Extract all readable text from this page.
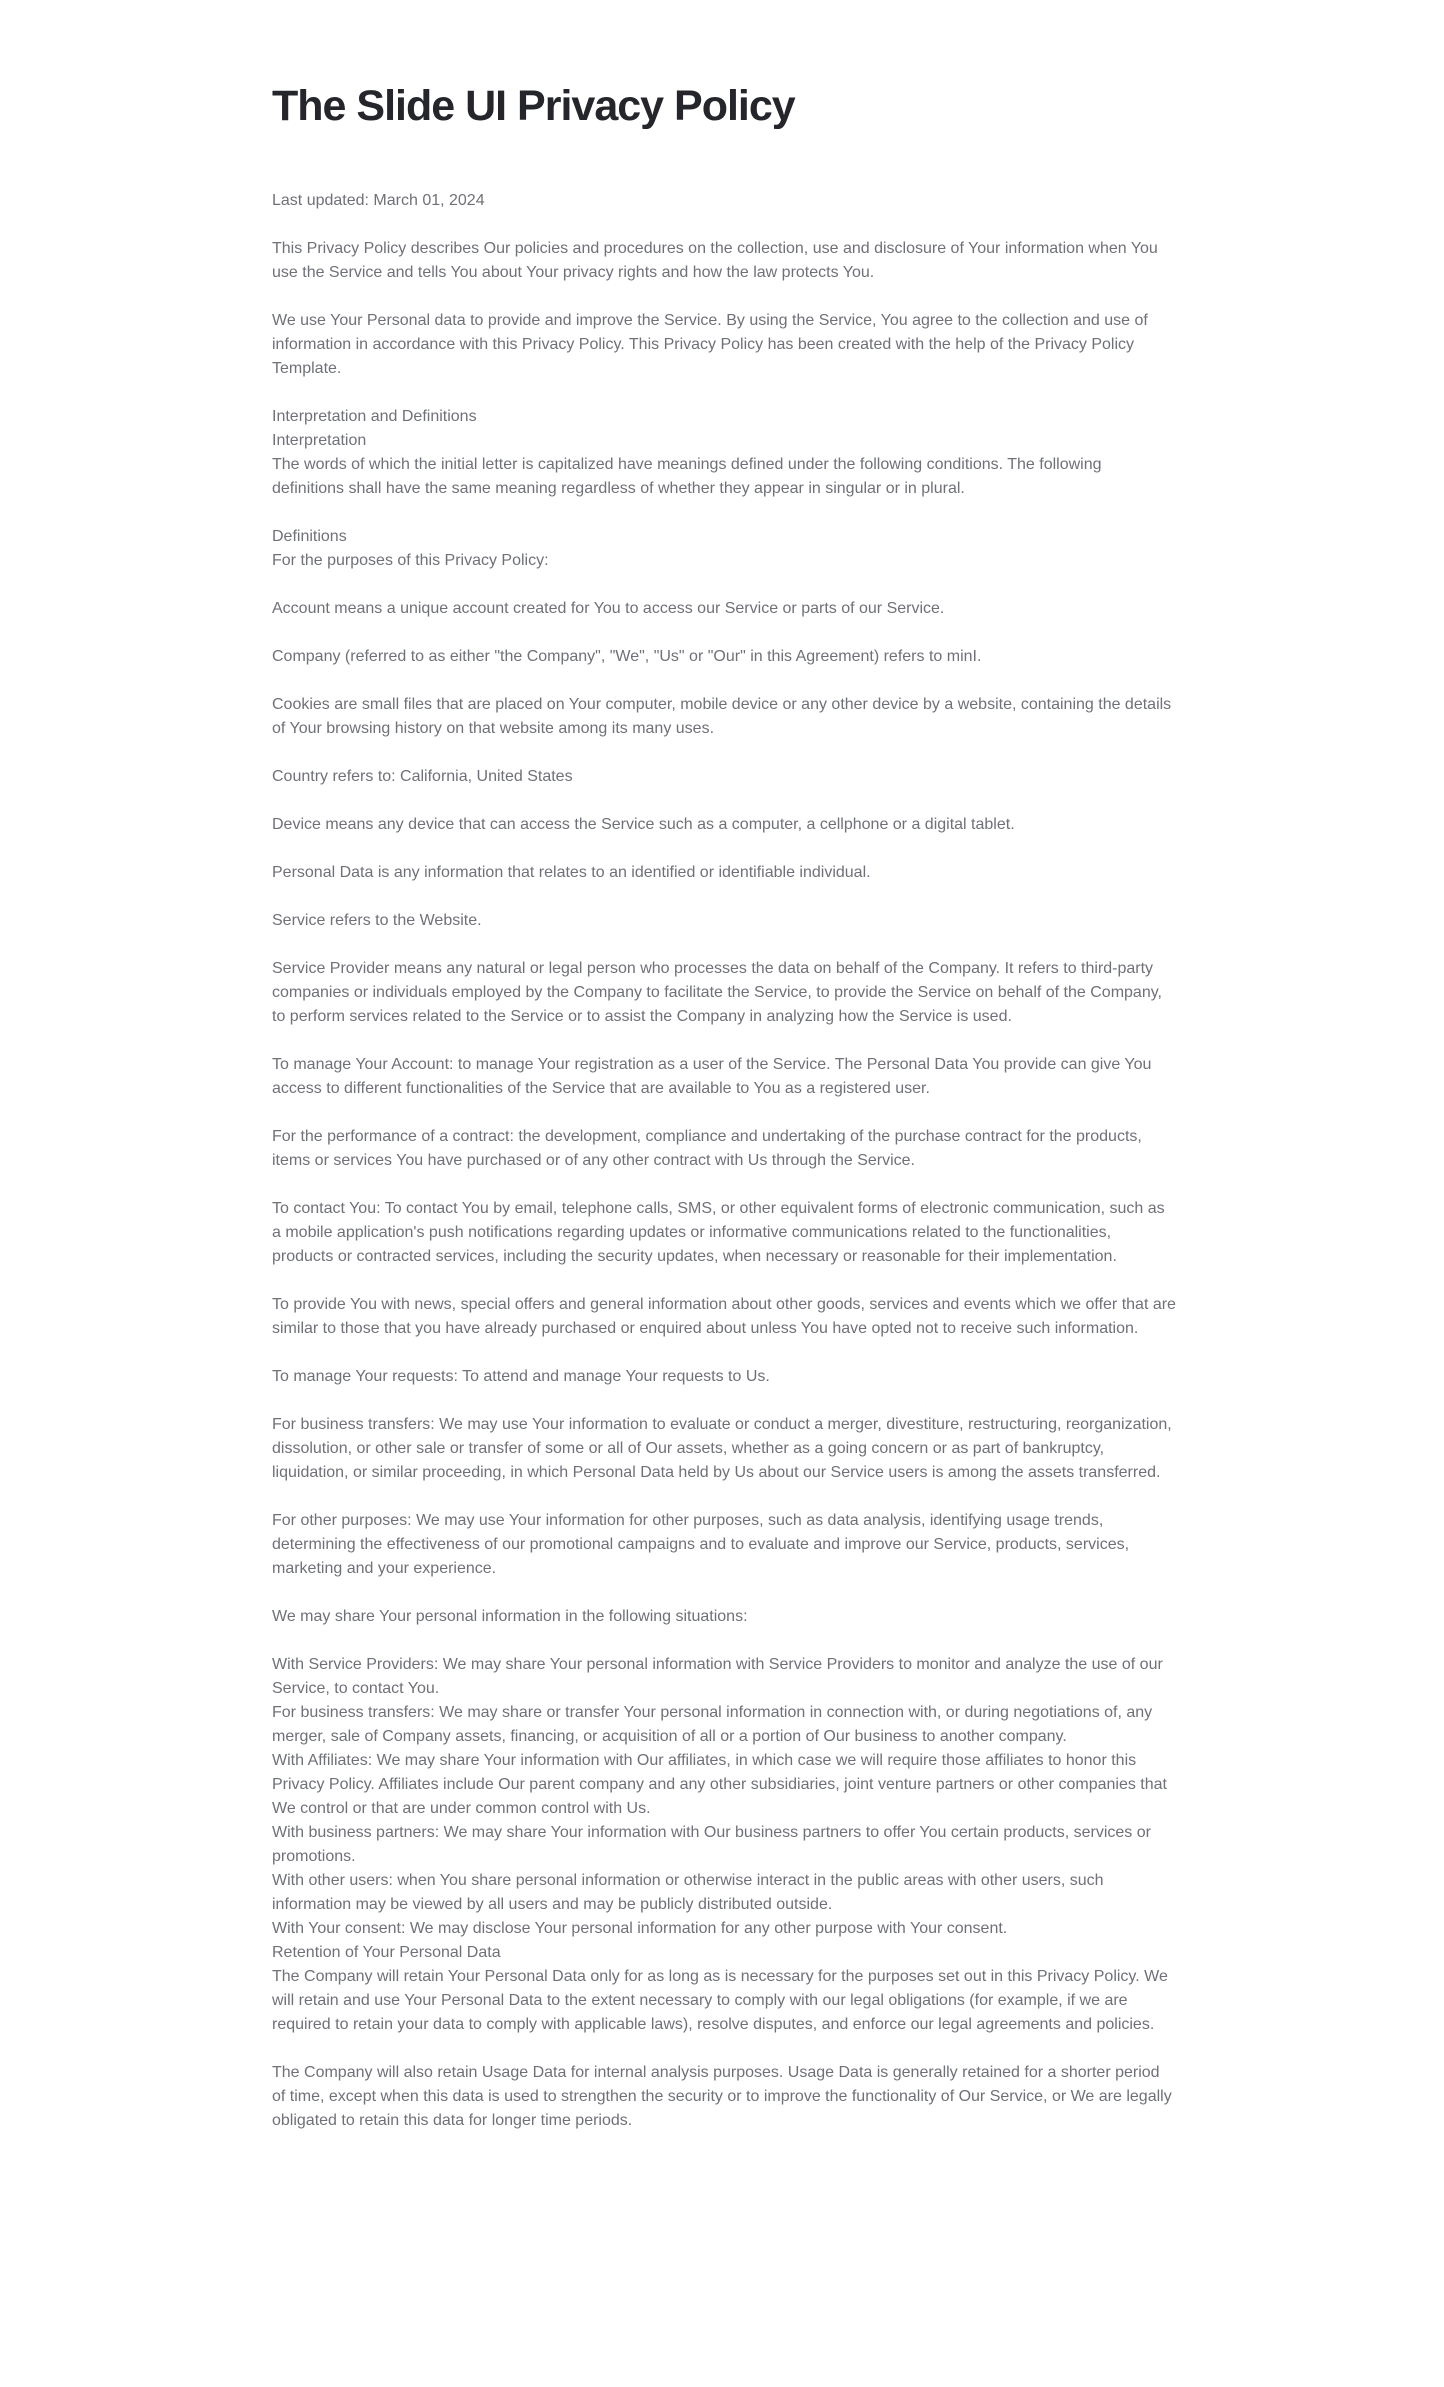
The Slide UI Privacy Policy

Last updated: March 01, 2024

This Privacy Policy describes Our policies and procedures on the collection, use and disclosure of Your information when You use the Service and tells You about Your privacy rights and how the law protects You.

We use Your Personal data to provide and improve the Service. By using the Service, You agree to the collection and use of information in accordance with this Privacy Policy. This Privacy Policy has been created with the help of the Privacy Policy Template.

Interpretation and Definitions

Interpretation

The words of which the initial letter is capitalized have meanings defined under the following conditions. The following definitions shall have the same meaning regardless of whether they appear in singular or in plural.

Definitions

For the purposes of this Privacy Policy:

Account means a unique account created for You to access our Service or parts of our Service.

Company (referred to as either "the Company", "We", "Us" or "Our" in this Agreement) refers to minI.

Cookies are small files that are placed on Your computer, mobile device or any other device by a website, containing the details of Your browsing history on that website among its many uses.

Country refers to: California, United States

Device means any device that can access the Service such as a computer, a cellphone or a digital tablet.

Personal Data is any information that relates to an identified or identifiable individual.

Service refers to the Website.

Service Provider means any natural or legal person who processes the data on behalf of the Company. It refers to third-party companies or individuals employed by the Company to facilitate the Service, to provide the Service on behalf of the Company, to perform services related to the Service or to assist the Company in analyzing how the Service is used.

To manage Your Account: to manage Your registration as a user of the Service. The Personal Data You provide can give You access to different functionalities of the Service that are available to You as a registered user.

For the performance of a contract: the development, compliance and undertaking of the purchase contract for the products, items or services You have purchased or of any other contract with Us through the Service.

To contact You: To contact You by email, telephone calls, SMS, or other equivalent forms of electronic communication, such as a mobile application's push notifications regarding updates or informative communications related to the functionalities, products or contracted services, including the security updates, when necessary or reasonable for their implementation.

To provide You with news, special offers and general information about other goods, services and events which we offer that are similar to those that you have already purchased or enquired about unless You have opted not to receive such information.

To manage Your requests: To attend and manage Your requests to Us.

For business transfers: We may use Your information to evaluate or conduct a merger, divestiture, restructuring, reorganization, dissolution, or other sale or transfer of some or all of Our assets, whether as a going concern or as part of bankruptcy, liquidation, or similar proceeding, in which Personal Data held by Us about our Service users is among the assets transferred.

For other purposes: We may use Your information for other purposes, such as data analysis, identifying usage trends, determining the effectiveness of our promotional campaigns and to evaluate and improve our Service, products, services, marketing and your experience.

We may share Your personal information in the following situations:

With Service Providers: We may share Your personal information with Service Providers to monitor and analyze the use of our Service, to contact You.

For business transfers: We may share or transfer Your personal information in connection with, or during negotiations of, any merger, sale of Company assets, financing, or acquisition of all or a portion of Our business to another company.

With Affiliates: We may share Your information with Our affiliates, in which case we will require those affiliates to honor this Privacy Policy. Affiliates include Our parent company and any other subsidiaries, joint venture partners or other companies that We control or that are under common control with Us.

With business partners: We may share Your information with Our business partners to offer You certain products, services or promotions.

With other users: when You share personal information or otherwise interact in the public areas with other users, such information may be viewed by all users and may be publicly distributed outside.

With Your consent: We may disclose Your personal information for any other purpose with Your consent.

Retention of Your Personal Data

The Company will retain Your Personal Data only for as long as is necessary for the purposes set out in this Privacy Policy. We will retain and use Your Personal Data to the extent necessary to comply with our legal obligations (for example, if we are required to retain your data to comply with applicable laws), resolve disputes, and enforce our legal agreements and policies.

The Company will also retain Usage Data for internal analysis purposes. Usage Data is generally retained for a shorter period of time, except when this data is used to strengthen the security or to improve the functionality of Our Service, or We are legally obligated to retain this data for longer time periods.
